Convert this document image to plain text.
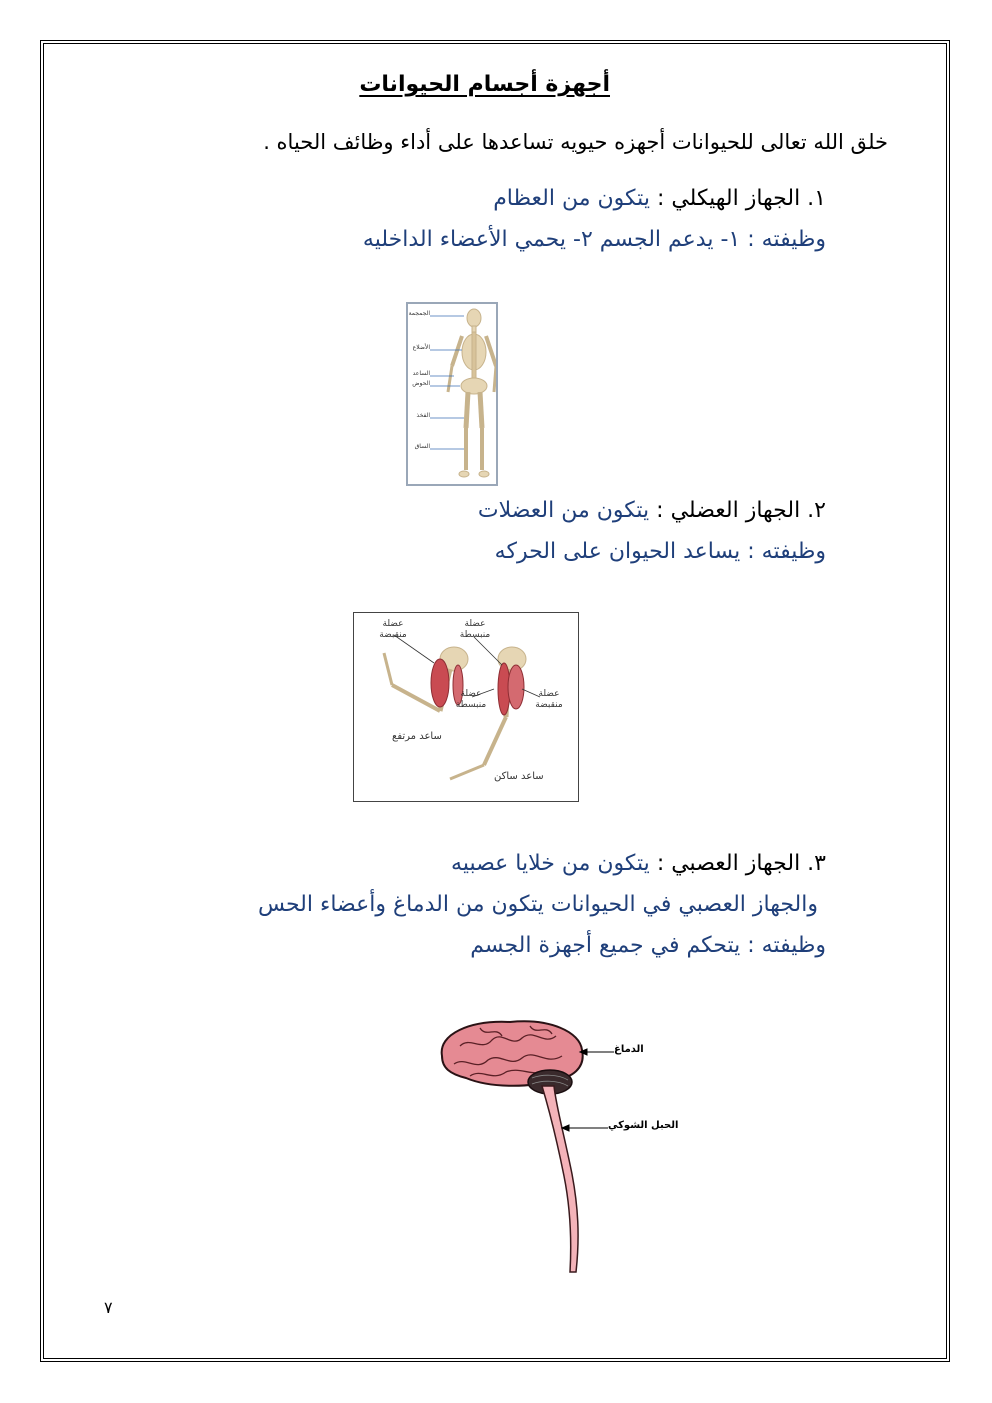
أجهزة أجسام الحيوانات
خلق الله تعالى للحيوانات أجهزه حيويه تساعدها على أداء وظائف الحياه .
١. الجهاز الهيكلي : يتكون من العظام
وظيفته : ١- يدعم الجسم ٢- يحمي الأعضاء الداخليه
الجمجمة
الأضلاع
الساعد
الحوض
الفخذ
الساق
٢. الجهاز العضلي : يتكون من العضلات
وظيفته : يساعد الحيوان على الحركه
عضلة منقبضة
عضلة منبسطة
عضلة منبسطة
عضلة منقبضة
ساعد مرتفع
ساعد ساكن
٣. الجهاز العصبي : يتكون من خلايا عصبيه
والجهاز العصبي في الحيوانات يتكون من الدماغ وأعضاء الحس
وظيفته : يتحكم في جميع أجهزة الجسم
الدماغ
الحبل الشوكي
٧
